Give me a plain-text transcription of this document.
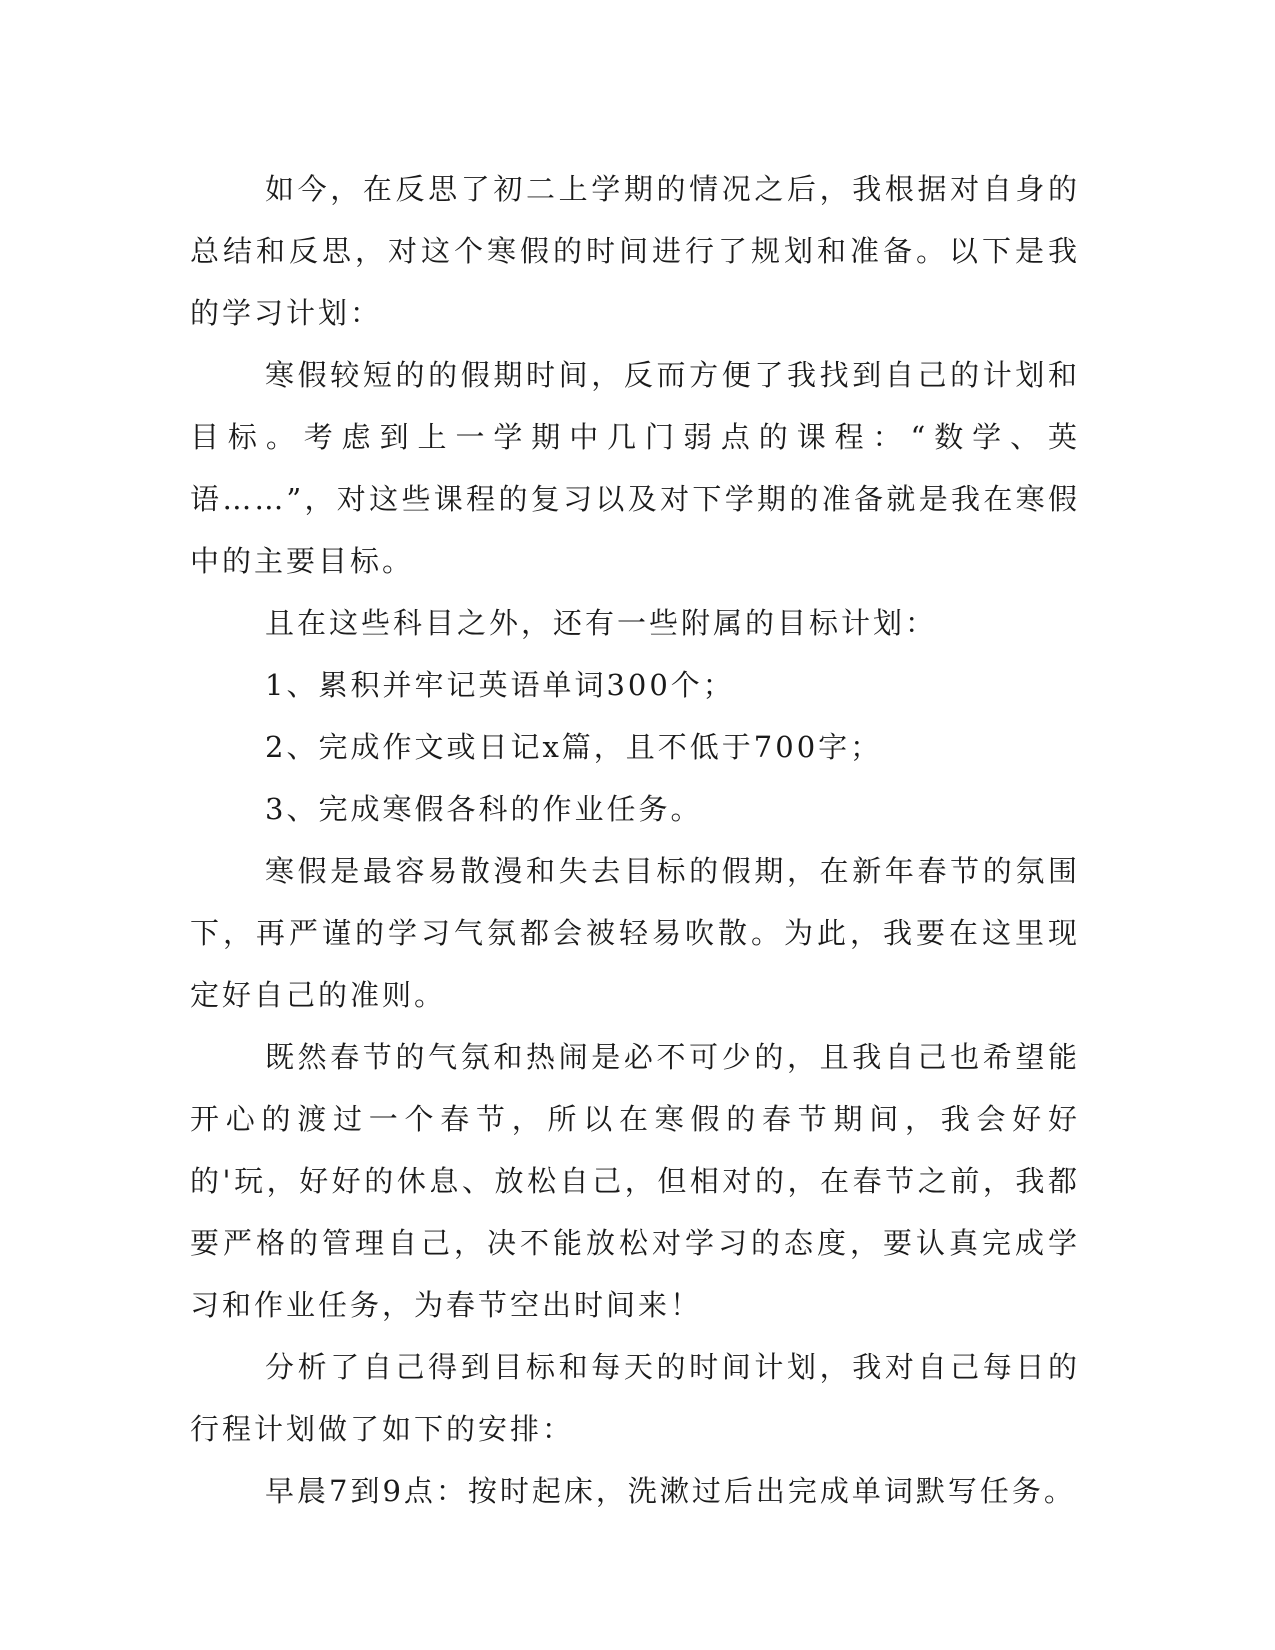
如今，在反思了初二上学期的情况之后，我根据对自身的总结和反思，对这个寒假的时间进行了规划和准备。以下是我的学习计划：

寒假较短的的假期时间，反而方便了我找到自己的计划和目标。考虑到上一学期中几门弱点的课程：“数学、英语……”，对这些课程的复习以及对下学期的准备就是我在寒假中的主要目标。

且在这些科目之外，还有一些附属的目标计划：

1、累积并牢记英语单词300个；

2、完成作文或日记x篇，且不低于700字；

3、完成寒假各科的作业任务。

寒假是最容易散漫和失去目标的假期，在新年春节的氛围下，再严谨的学习气氛都会被轻易吹散。为此，我要在这里现定好自己的准则。

既然春节的气氛和热闹是必不可少的，且我自己也希望能开心的渡过一个春节，所以在寒假的春节期间，我会好好的'玩，好好的休息、放松自己，但相对的，在春节之前，我都要严格的管理自己，决不能放松对学习的态度，要认真完成学习和作业任务，为春节空出时间来！

分析了自己得到目标和每天的时间计划，我对自己每日的行程计划做了如下的安排：

早晨7到9点：按时起床，洗漱过后出完成单词默写任务。
